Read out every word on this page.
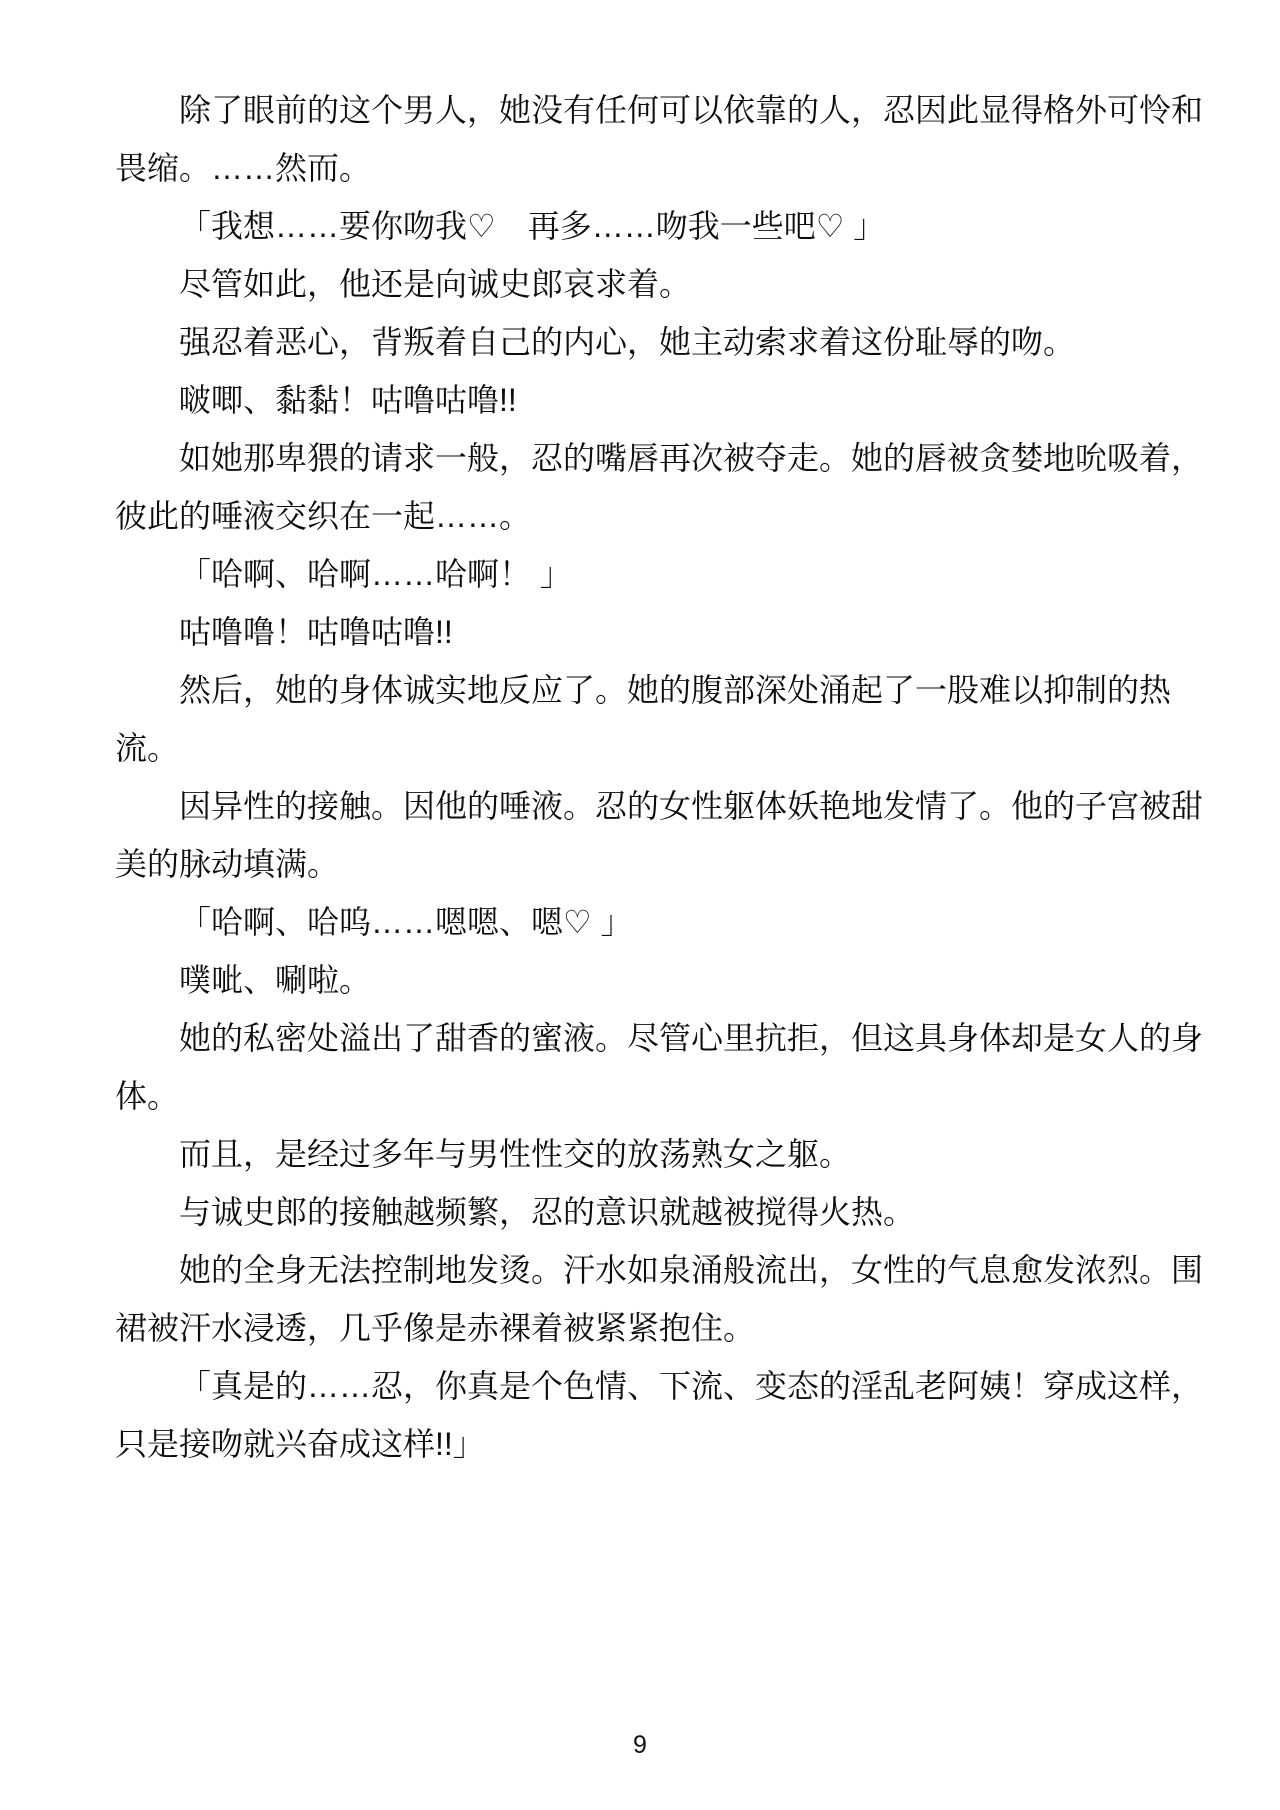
除了眼前的这个男人，她没有任何可以依靠的人，忍因此显得格外可怜和畏缩。……然而。

「我想……要你吻我♡　再多……吻我一些吧♡ 」

尽管如此，他还是向诚史郎哀求着。

强忍着恶心，背叛着自己的内心，她主动索求着这份耻辱的吻。

啵唧、黏黏！咕噜咕噜!!

如她那卑猥的请求一般，忍的嘴唇再次被夺走。她的唇被贪婪地吮吸着，彼此的唾液交织在一起……。

「哈啊、哈啊……哈啊！ 」

咕噜噜！咕噜咕噜!!

然后，她的身体诚实地反应了。她的腹部深处涌起了一股难以抑制的热流。

因异性的接触。因他的唾液。忍的女性躯体妖艳地发情了。他的子宫被甜美的脉动填满。

「哈啊、哈呜……嗯嗯、嗯♡ 」

噗呲、唰啦。

她的私密处溢出了甜香的蜜液。尽管心里抗拒，但这具身体却是女人的身体。

而且，是经过多年与男性性交的放荡熟女之躯。

与诚史郎的接触越频繁，忍的意识就越被搅得火热。

她的全身无法控制地发烫。汗水如泉涌般流出，女性的气息愈发浓烈。围裙被汗水浸透，几乎像是赤裸着被紧紧抱住。

「真是的……忍，你真是个色情、下流、变态的淫乱老阿姨！穿成这样，只是接吻就兴奋成这样!!」

9
